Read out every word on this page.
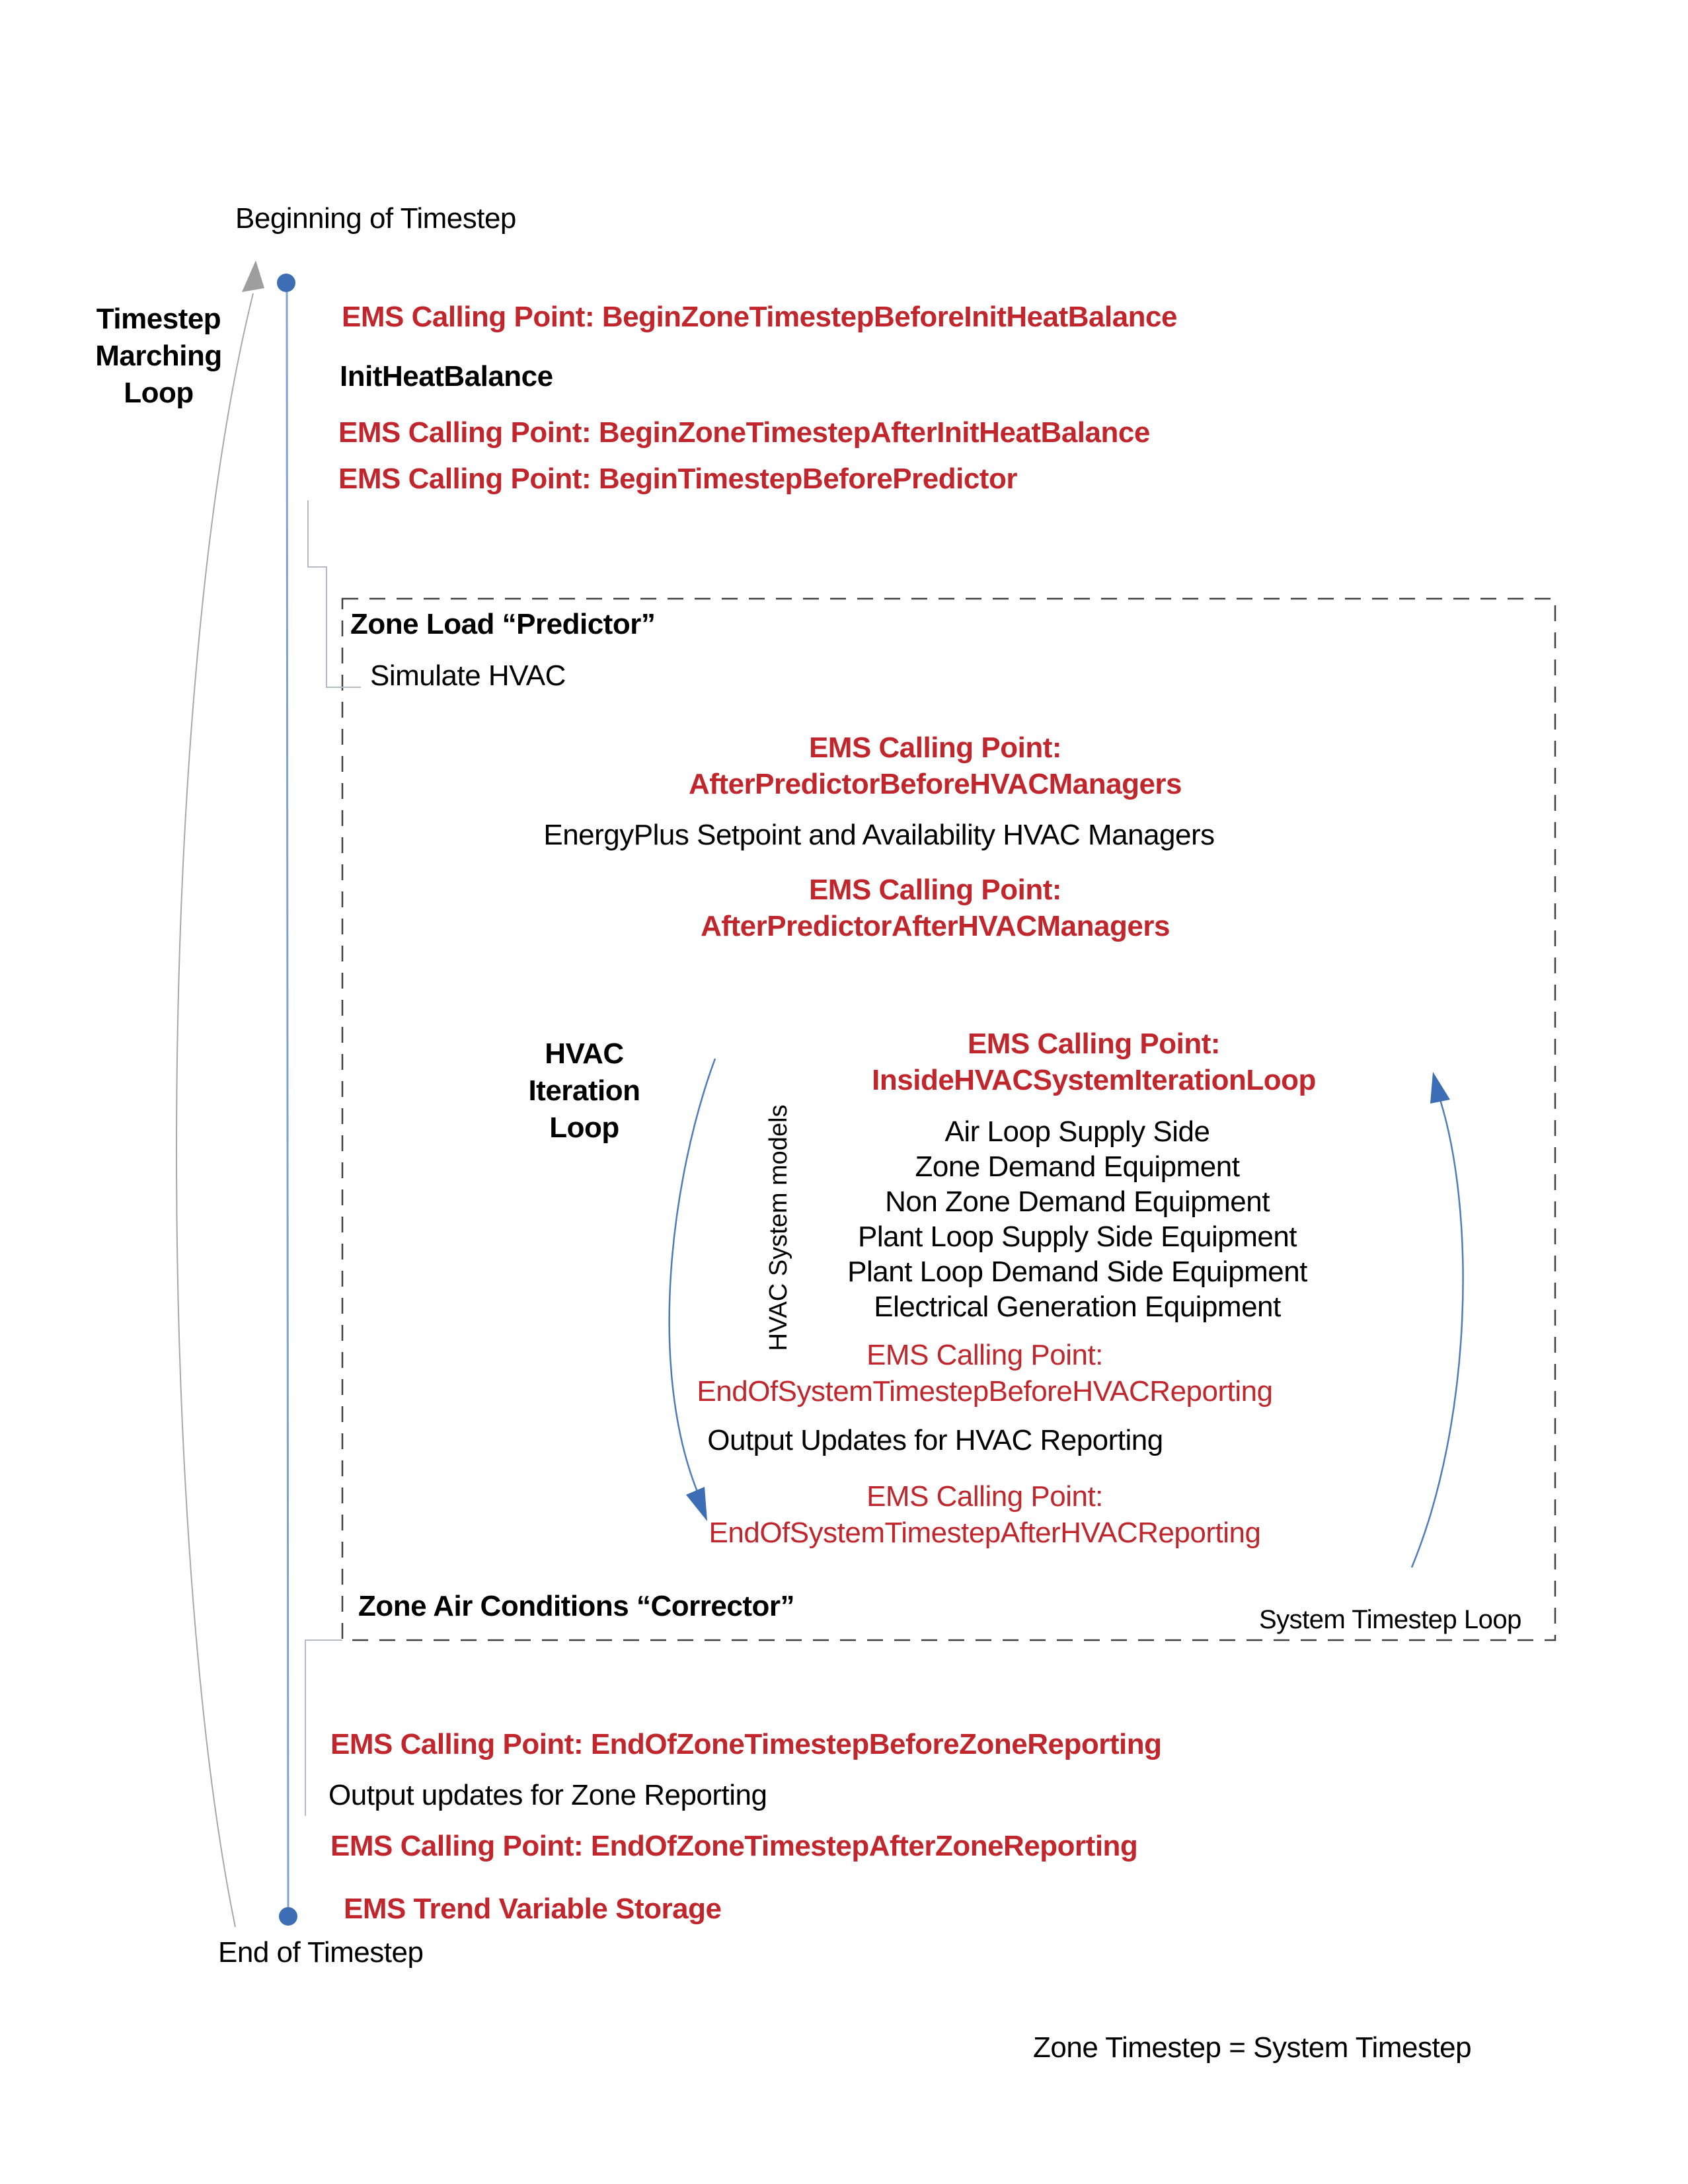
Beginning of Timestep
Timestep
Marching
Loop
EMS Calling Point: BeginZoneTimestepBeforeInitHeatBalance
InitHeatBalance
EMS Calling Point: BeginZoneTimestepAfterInitHeatBalance
EMS Calling Point: BeginTimestepBeforePredictor
Zone Load “Predictor”
Simulate HVAC
EMS Calling Point:
AfterPredictorBeforeHVACManagers
EnergyPlus Setpoint and Availability HVAC Managers
EMS Calling Point:
AfterPredictorAfterHVACManagers
HVAC
Iteration
Loop	HVAC System models
EMS Calling Point:
InsideHVACSystemIterationLoop
Air Loop Supply Side
Zone Demand Equipment
Non Zone Demand Equipment
Plant Loop Supply Side Equipment
Plant Loop Demand Side Equipment
Electrical Generation Equipment
EMS Calling Point:
EndOfSystemTimestepBeforeHVACReporting
Output Updates for HVAC Reporting
EMS Calling Point:
EndOfSystemTimestepAfterHVACReporting
Zone Air Conditions “Corrector”	System Timestep Loop
EMS Calling Point: EndOfZoneTimestepBeforeZoneReporting
Output updates for Zone Reporting
EMS Calling Point: EndOfZoneTimestepAfterZoneReporting
EMS Trend Variable Storage
End of Timestep
Zone Timestep = System Timestep
